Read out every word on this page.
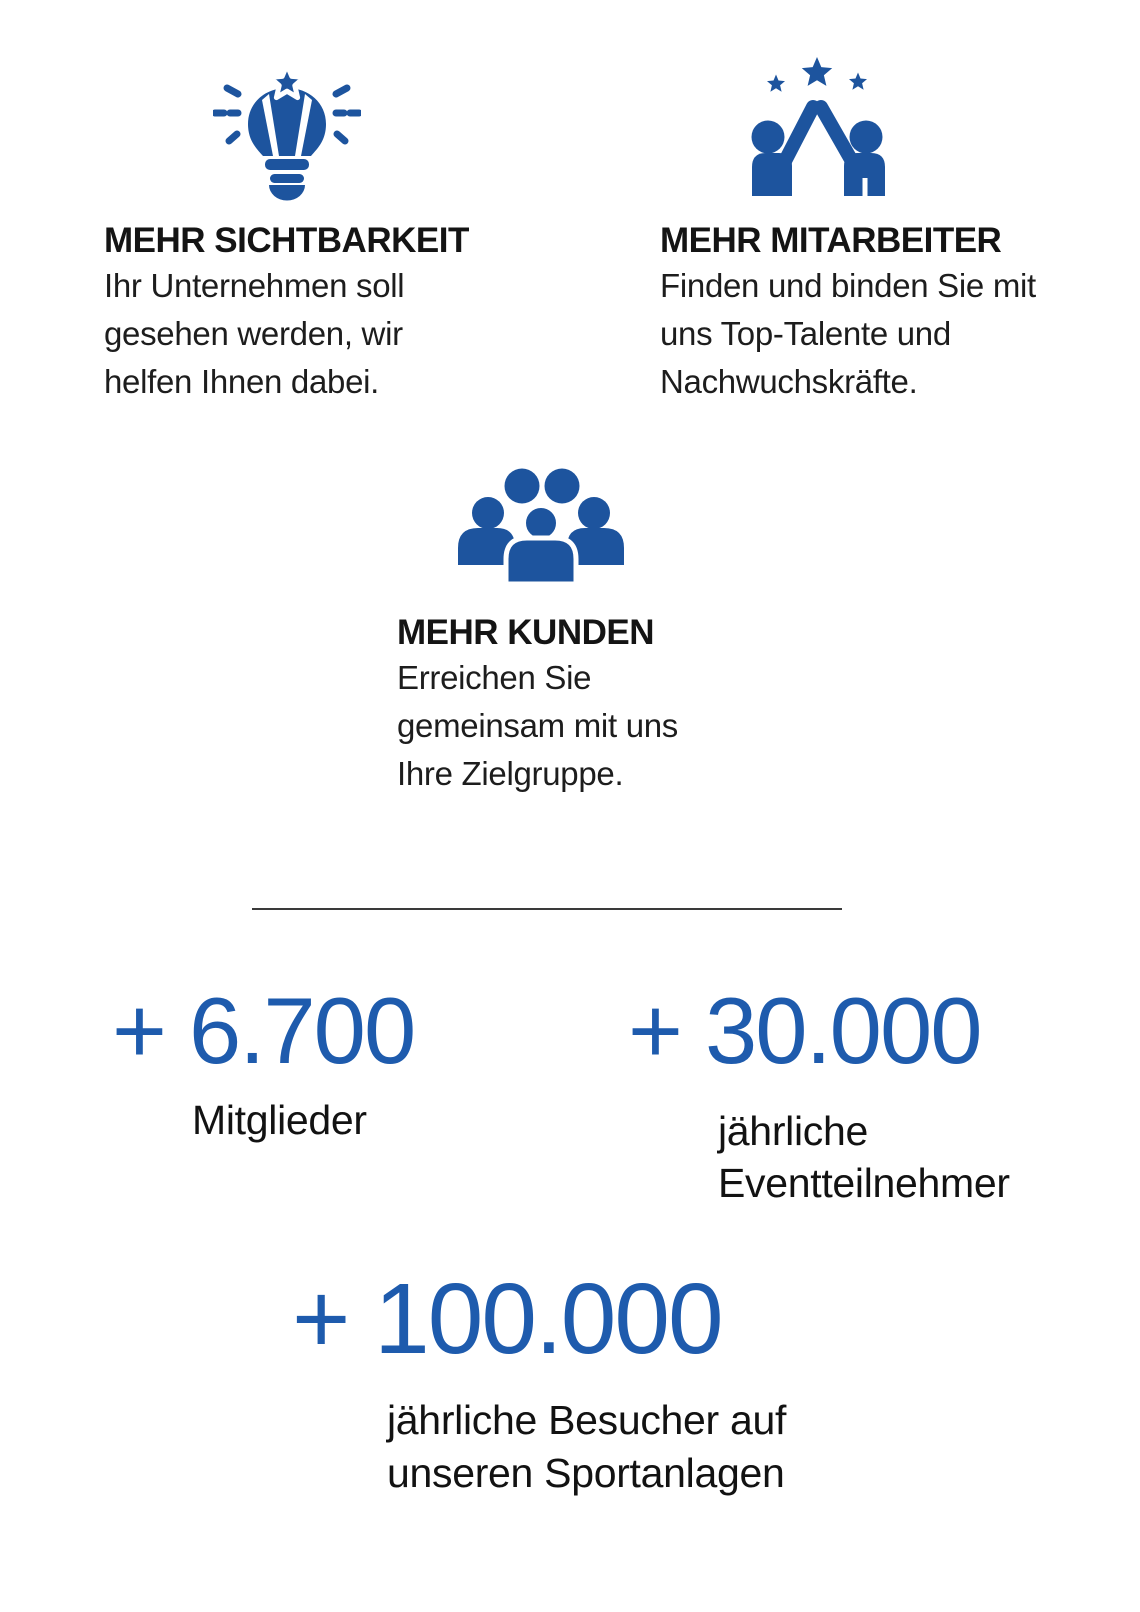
MEHR SICHTBARKEIT
Ihr Unternehmen soll
gesehen werden, wir
helfen Ihnen dabei.
MEHR MITARBEITER
Finden und binden Sie mit
uns Top-Talente und
Nachwuchskräfte.
MEHR KUNDEN
Erreichen Sie
gemeinsam mit uns
Ihre Zielgruppe.
+ 6.700
Mitglieder
+ 30.000
jährliche
Eventteilnehmer
+ 100.000
jährliche Besucher auf
unseren Sportanlagen
